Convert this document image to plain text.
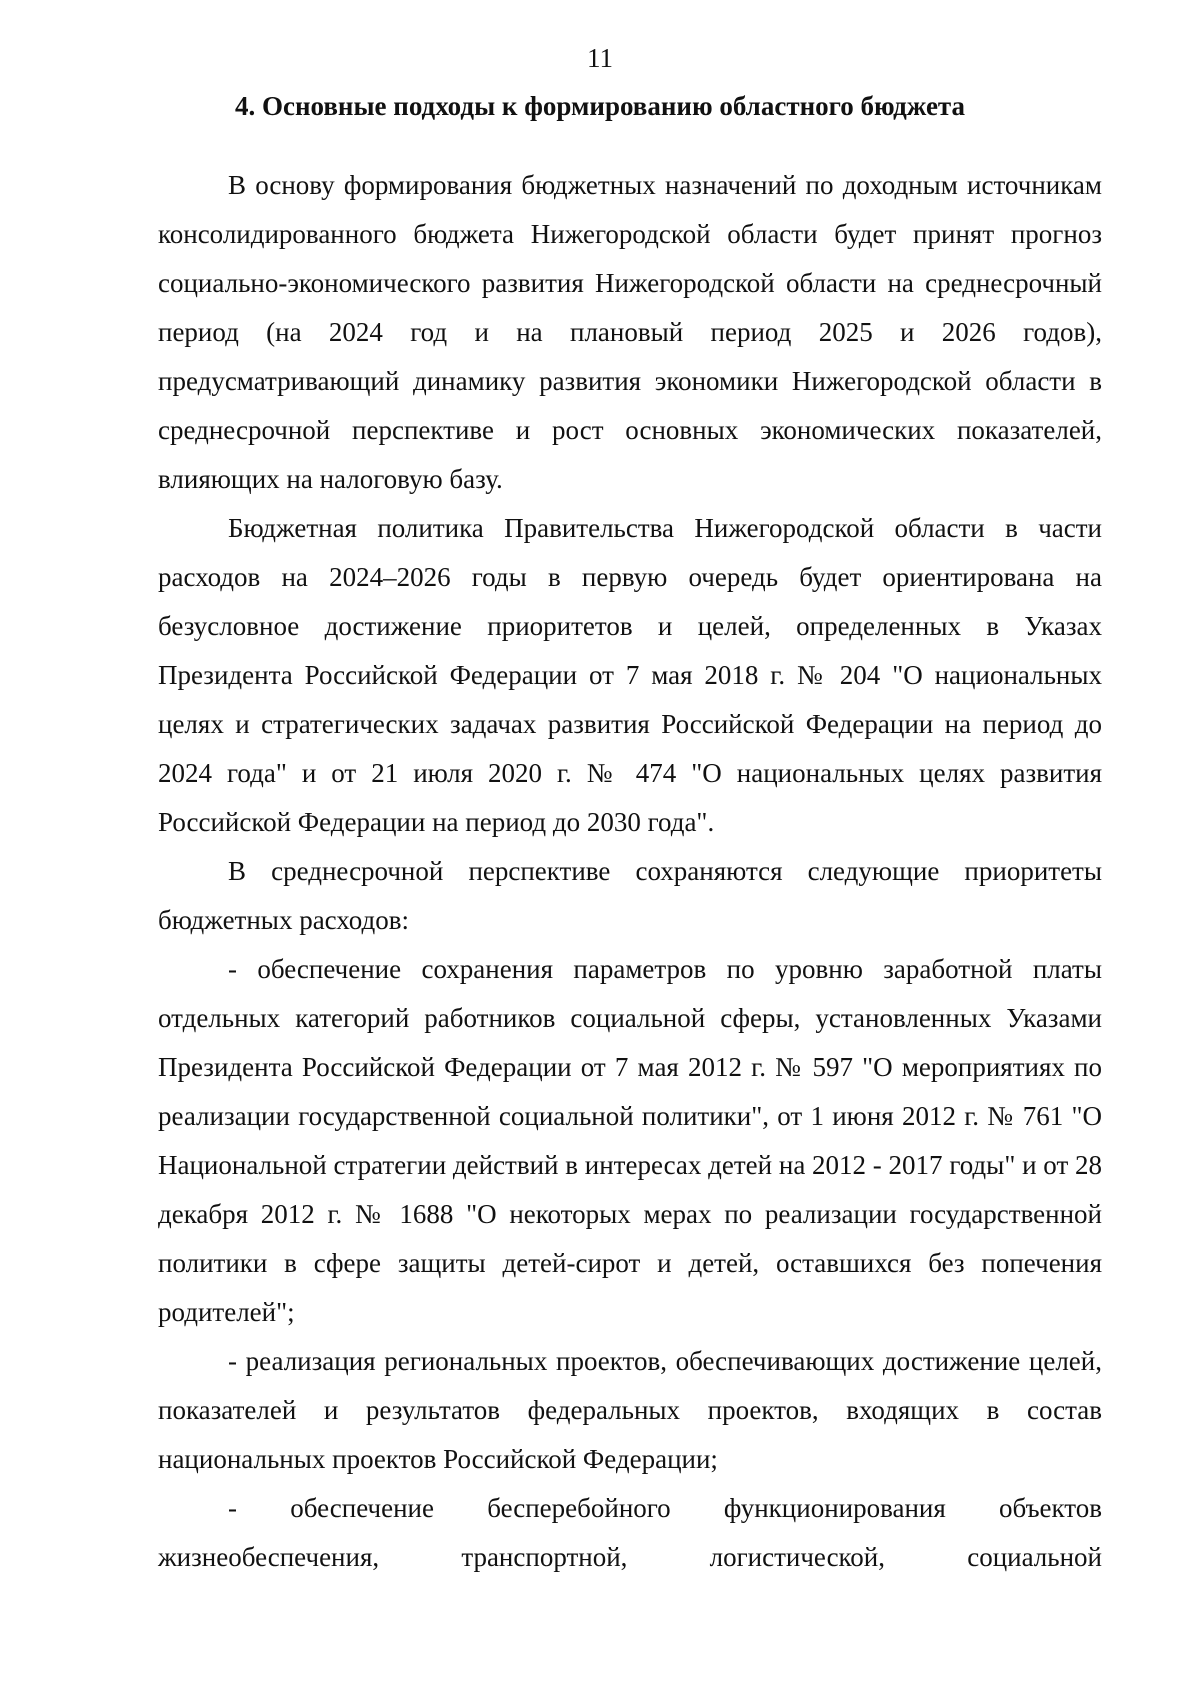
11
4. Основные подходы к формированию областного бюджета

В основу формирования бюджетных назначений по доходным источникам консолидированного бюджета Нижегородской области будет принят прогноз социально-экономического развития Нижегородской области на среднесрочный период (на 2024 год и на плановый период 2025 и 2026 годов), предусматривающий динамику развития экономики Нижегородской области в среднесрочной перспективе и рост основных экономических показателей, влияющих на налоговую базу.

Бюджетная политика Правительства Нижегородской области в части расходов на 2024–2026 годы в первую очередь будет ориентирована на безусловное достижение приоритетов и целей, определенных в Указах Президента Российской Федерации от 7 мая 2018 г. № 204 "О национальных целях и стратегических задачах развития Российской Федерации на период до 2024 года" и от 21 июля 2020 г. № 474 "О национальных целях развития Российской Федерации на период до 2030 года".

В среднесрочной перспективе сохраняются следующие приоритеты бюджетных расходов:

- обеспечение сохранения параметров по уровню заработной платы отдельных категорий работников социальной сферы, установленных Указами Президента Российской Федерации от 7 мая 2012 г. № 597 "О мероприятиях по реализации государственной социальной политики", от 1 июня 2012 г. № 761 "О Национальной стратегии действий в интересах детей на 2012 - 2017 годы" и от 28 декабря 2012 г. № 1688 "О некоторых мерах по реализации государственной политики в сфере защиты детей-сирот и детей, оставшихся без попечения родителей";

- реализация региональных проектов, обеспечивающих достижение целей, показателей и результатов федеральных проектов, входящих в состав национальных проектов Российской Федерации;

- обеспечение бесперебойного функционирования объектов жизнеобеспечения, транспортной, логистической, социальной
